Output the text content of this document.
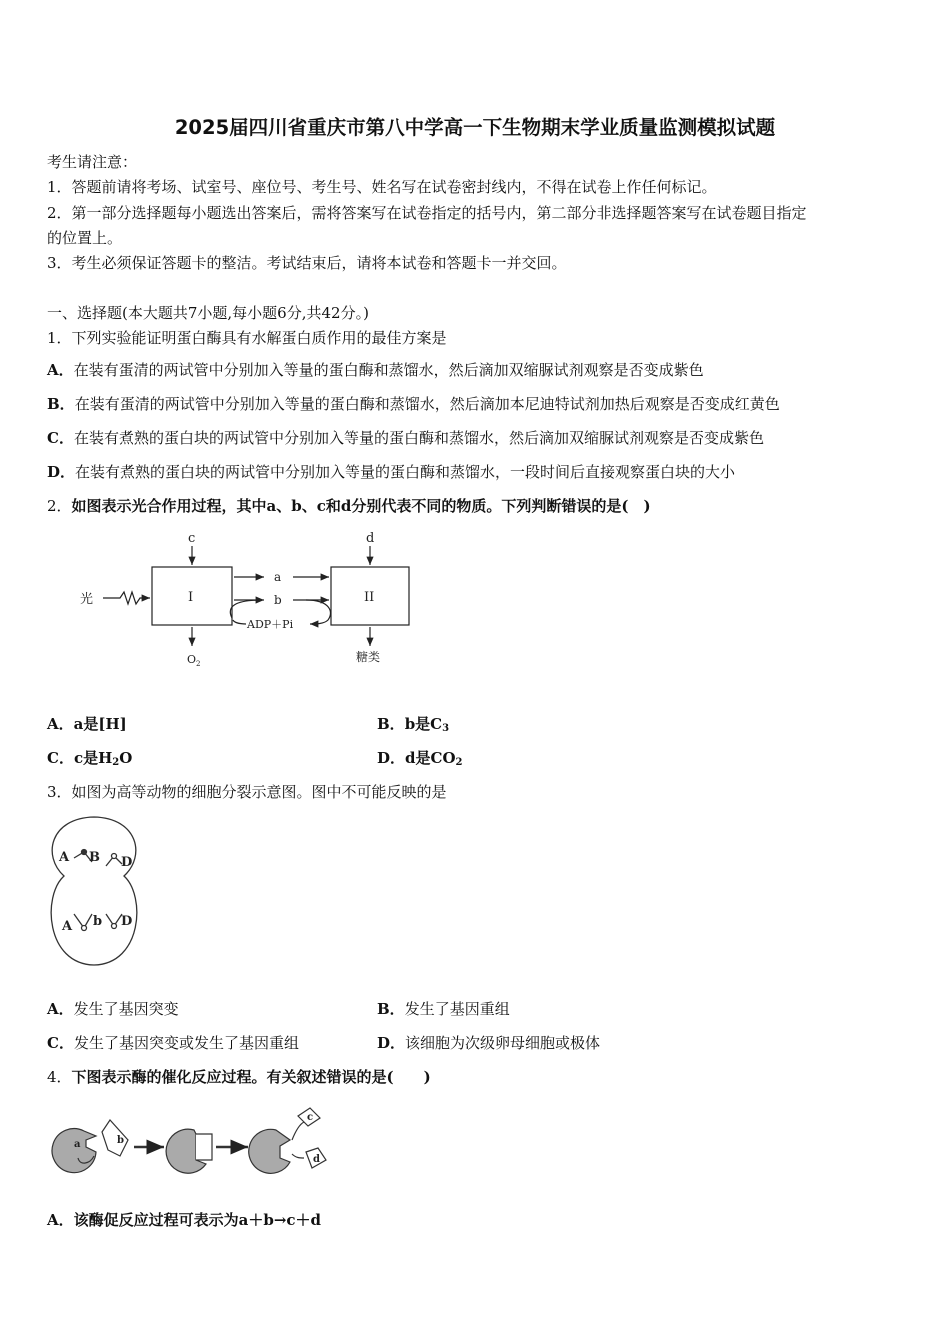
2025届四川省重庆市第八中学高一下生物期末学业质量监测模拟试题
考生请注意：
1．答题前请将考场、试室号、座位号、考生号、姓名写在试卷密封线内，不得在试卷上作任何标记。
2．第一部分选择题每小题选出答案后，需将答案写在试卷指定的括号内，第二部分非选择题答案写在试卷题目指定
的位置上。
3．考生必须保证答题卡的整洁。考试结束后，请将本试卷和答题卡一并交回。
一、选择题(本大题共7小题,每小题6分,共42分。)
1．下列实验能证明蛋白酶具有水解蛋白质作用的最佳方案是
A．在装有蛋清的两试管中分别加入等量的蛋白酶和蒸馏水，然后滴加双缩脲试剂观察是否变成紫色
B．在装有蛋清的两试管中分别加入等量的蛋白酶和蒸馏水，然后滴加本尼迪特试剂加热后观察是否变成红黄色
C．在装有煮熟的蛋白块的两试管中分别加入等量的蛋白酶和蒸馏水，然后滴加双缩脲试剂观察是否变成紫色
D．在装有煮熟的蛋白块的两试管中分别加入等量的蛋白酶和蒸馏水，一段时间后直接观察蛋白块的大小
2．如图表示光合作用过程，其中a、b、c和d分别代表不同的物质。下列判断错误的是(　)
光
c	d
I	II
a
b
ADP＋Pi
$O_2$	糖类
A B D
A b D
a	b
c
d
A．a是[H]	B．b是$C_3$
C．c是$H_2O$	D．d是$CO_2$
3．如图为高等动物的细胞分裂示意图。图中不可能反映的是
A．发生了基因突变	B．发生了基因重组
C．发生了基因突变或发生了基因重组	D．该细胞为次级卵母细胞或极体
4．下图表示酶的催化反应过程。有关叙述错误的是(　　)
A．该酶促反应过程可表示为a＋b→c＋d
